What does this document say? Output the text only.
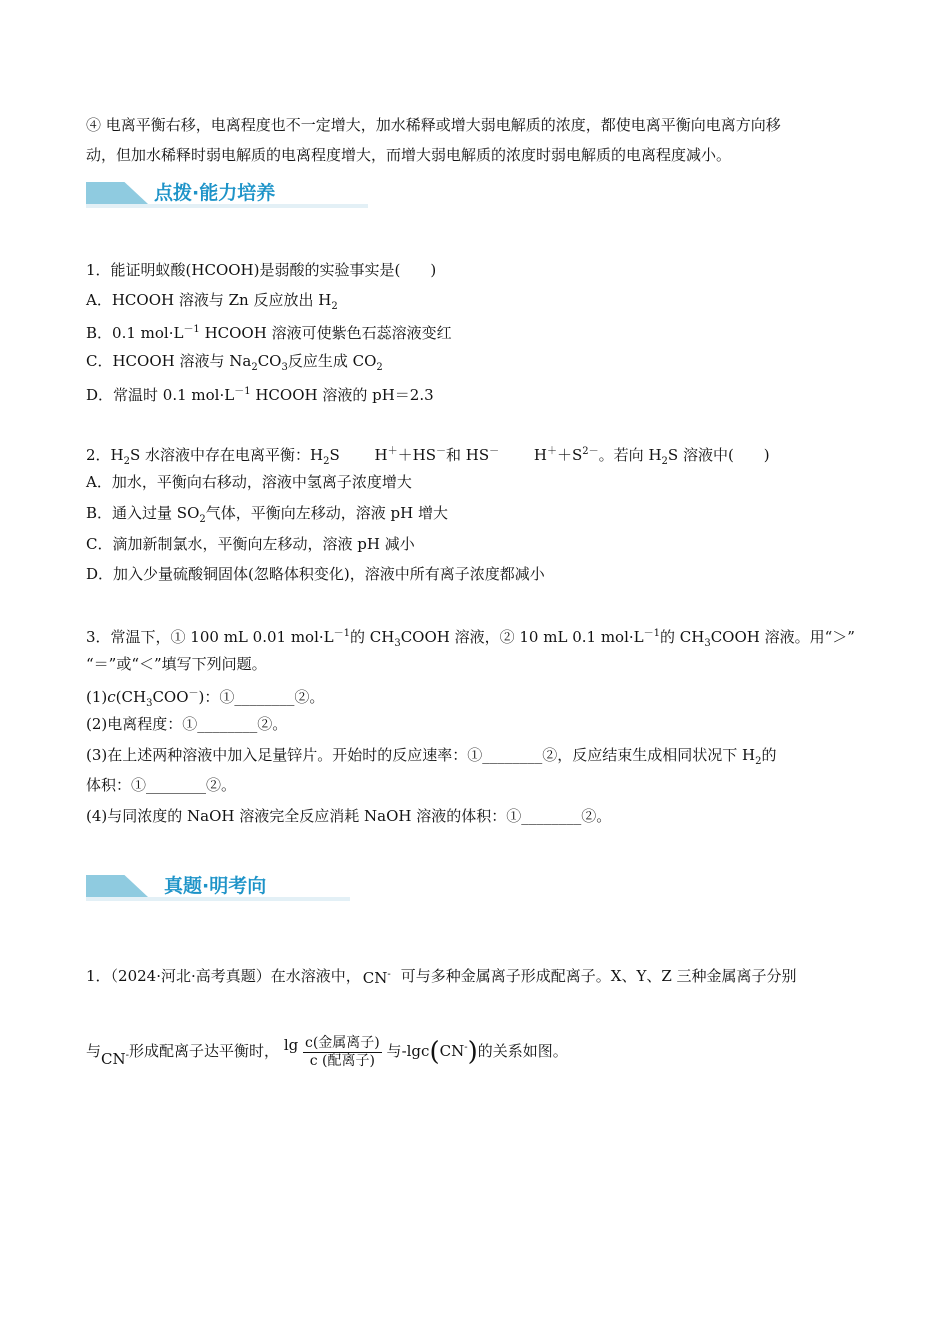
④ 电离平衡右移，电离程度也不一定增大，加水稀释或增大弱电解质的浓度，都使电离平衡向电离方向移
动，但加水稀释时弱电解质的电离程度增大，而增大弱电解质的浓度时弱电解质的电离程度减小。
点拨·能力培养
1．能证明蚁酸(HCOOH)是弱酸的实验事实是(　　)
A．HCOOH 溶液与 Zn 反应放出 $H_2$
B．0.1 $mol\cdot L^{-1}$ HCOOH 溶液可使紫色石蕊溶液变红
C．HCOOH 溶液与 $Na_2CO_3$反应生成 $CO_2$
D．常温时 0.1 $mol\cdot L^{-1}$ HCOOH 溶液的 pH＝2.3
2．$H_2S$ 水溶液中存在电离平衡：$H_2S$　　 H＋＋HS－和 HS－　　 $H^++S^{2-}$。若向 $H_2S$ 溶液中(　　)
A．加水，平衡向右移动，溶液中氢离子浓度增大
B．通入过量 $SO_2$气体，平衡向左移动，溶液 pH 增大
C．滴加新制氯水，平衡向左移动，溶液 pH 减小
D．加入少量硫酸铜固体(忽略体积变化)，溶液中所有离子浓度都减小
3．常温下，① 100 mL 0.01 $mol\cdot L^{-1}$的 $CH_3COOH$ 溶液，② 10 mL 0.1 $mol\cdot L^{-1}$的 $CH_3COOH$ 溶液。用“＞”
“＝”或“＜”填写下列问题。
$(1)c(CH_3COO^-)$：①________②。
(2)电离程度：①________②。
(3)在上述两种溶液中加入足量锌片。开始时的反应速率：①________②，反应结束生成相同状况下 $H_2$的
体积：①________②。
(4)与同浓度的 NaOH 溶液完全反应消耗 NaOH 溶液的体积：①________②。
真题·明考向
1．（2024·河北·高考真题）在水溶液中， CN- 可与多种金属离子形成配离子。X、Y、Z 三种金属离子分别
与CN-形成配离子达平衡时， $\lg \frac{\text{c(金属离子)}}{\text{c (配离子)}}$ 与-lgc(CN-)的关系如图。
